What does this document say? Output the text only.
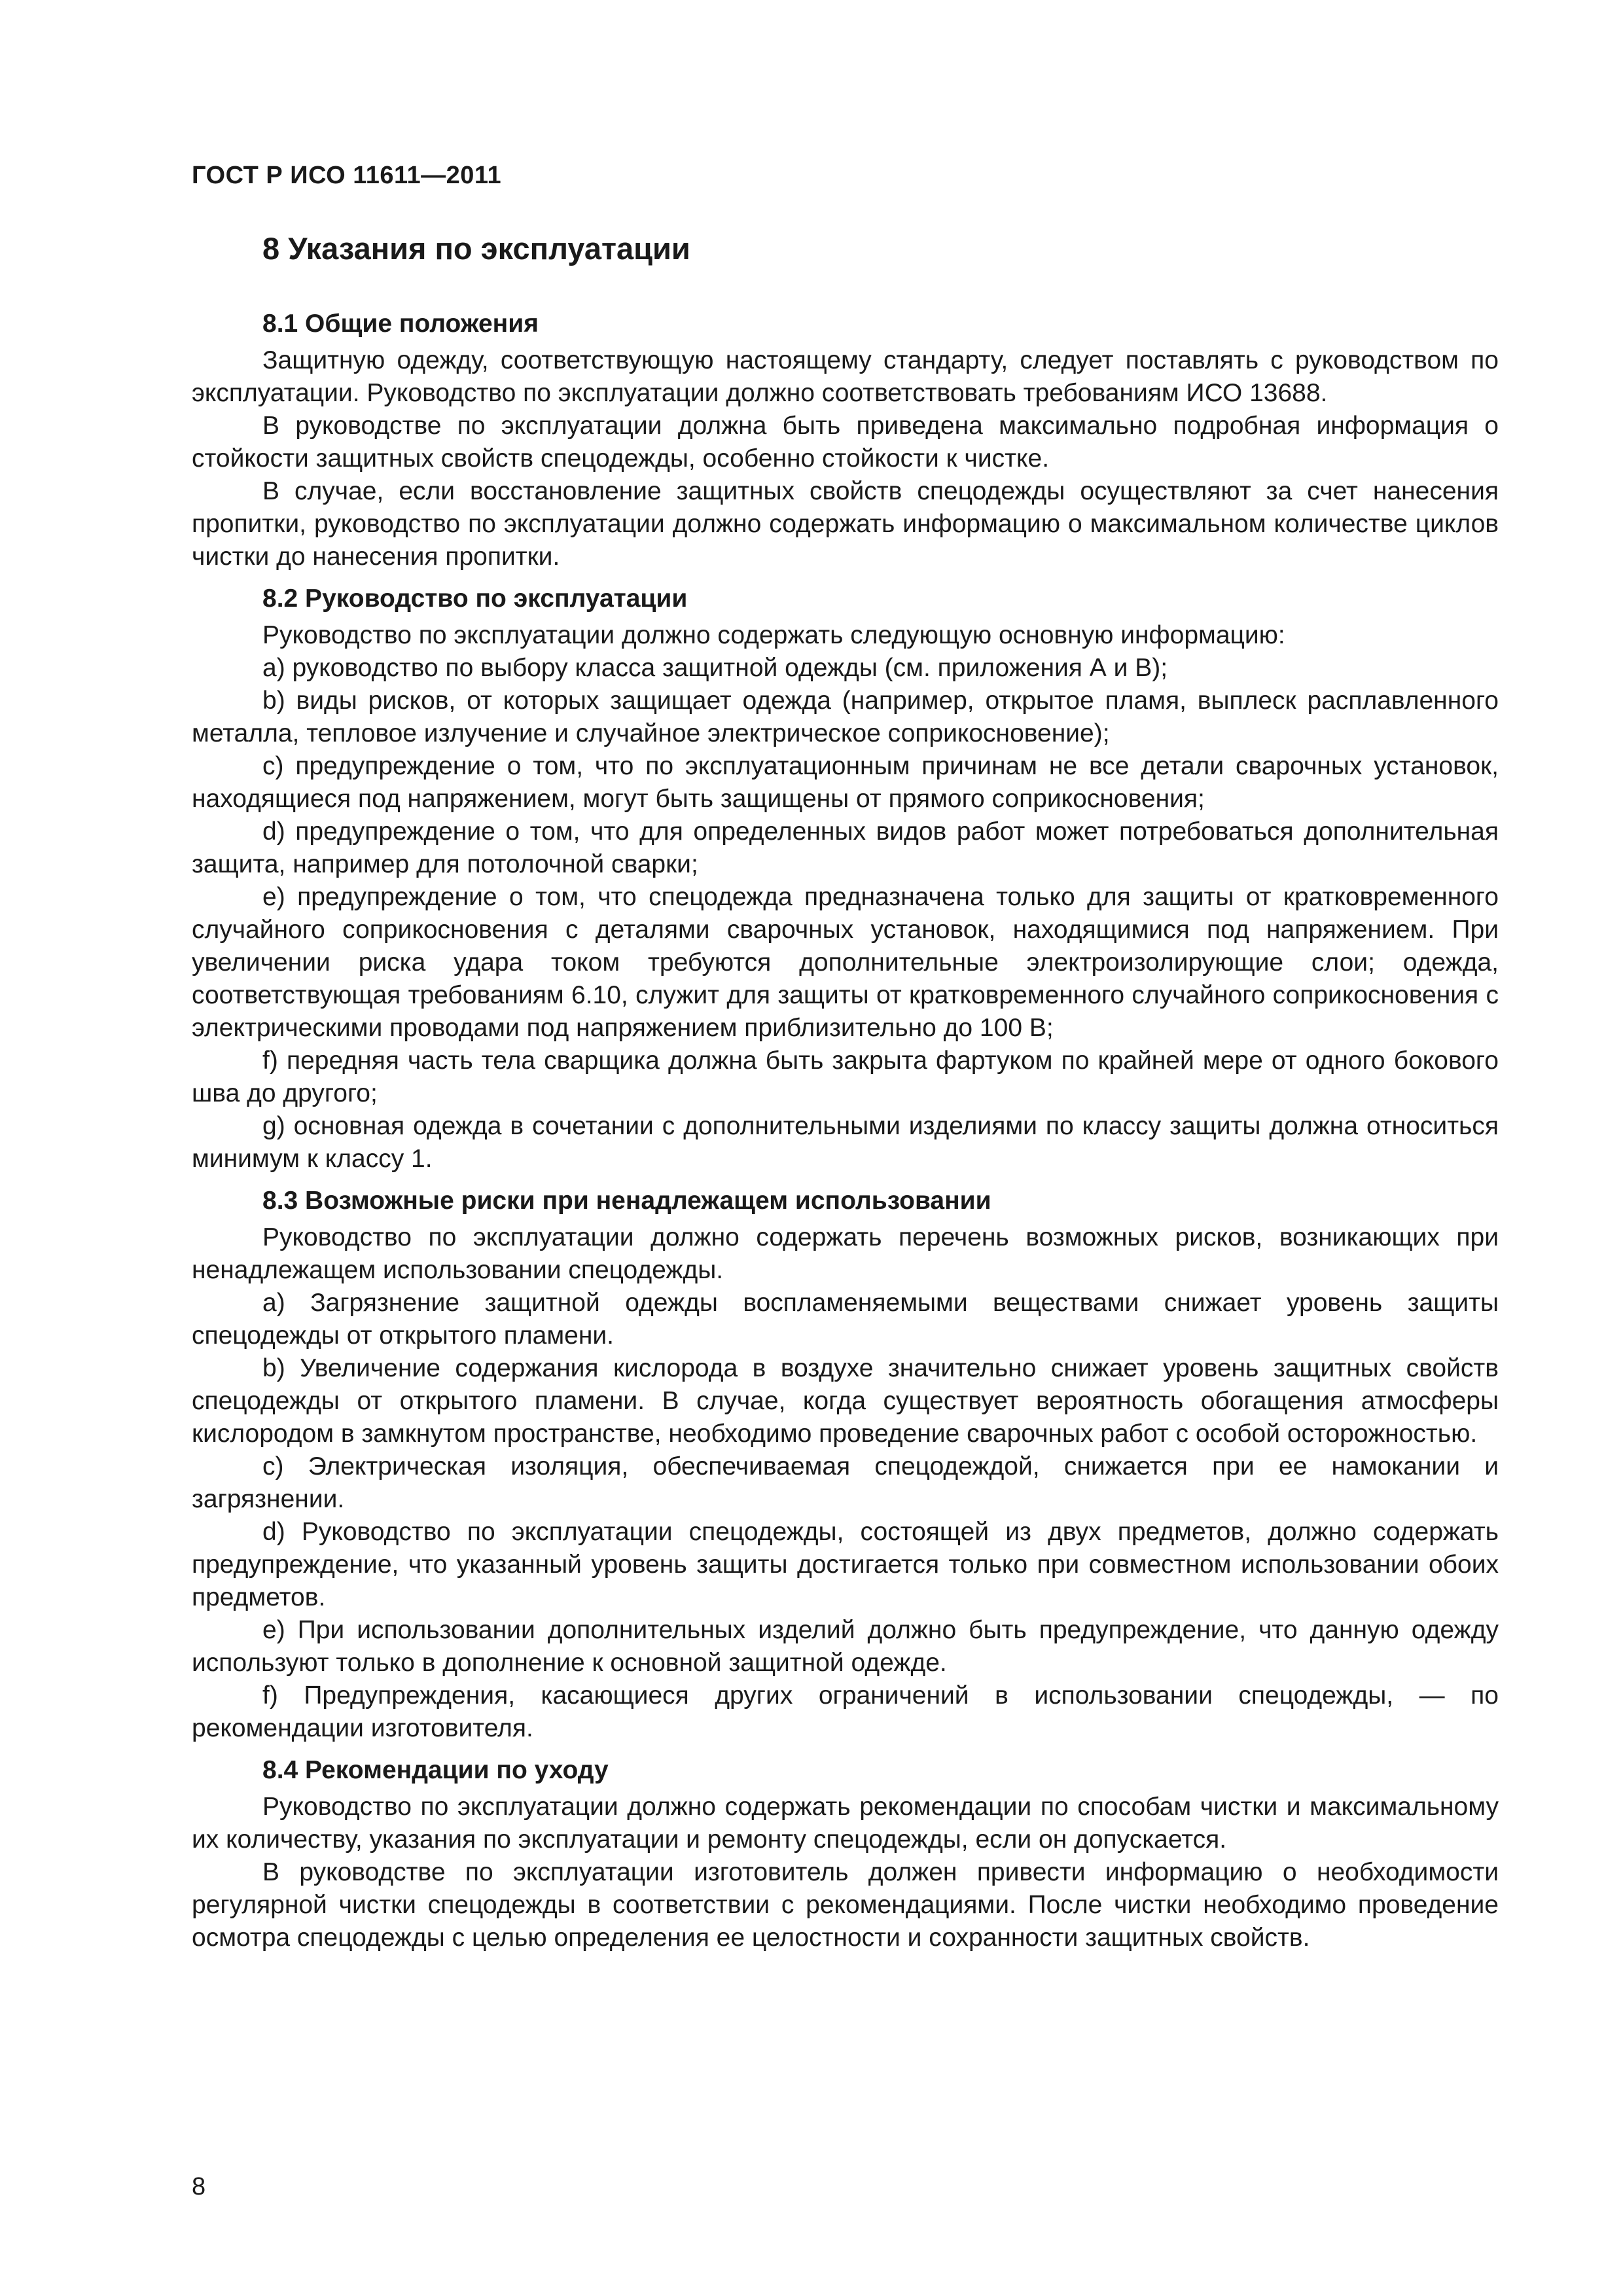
ГОСТ Р ИСО 11611—2011
8 Указания по эксплуатации
8.1 Общие положения

Защитную одежду, соответствующую настоящему стандарту, следует поставлять с руководством по эксплуатации. Руководство по эксплуатации должно соответствовать требованиям ИСО 13688.

В руководстве по эксплуатации должна быть приведена максимально подробная информация о стойкости защитных свойств спецодежды, особенно стойкости к чистке.

В случае, если восстановление защитных свойств спецодежды осуществляют за счет нанесения пропитки, руководство по эксплуатации должно содержать информацию о максимальном количестве циклов чистки до нанесения пропитки.

8.2 Руководство по эксплуатации

Руководство по эксплуатации должно содержать следующую основную информацию:

а) руководство по выбору класса защитной одежды (см. приложения А и В);

b) виды рисков, от которых защищает одежда (например, открытое пламя, выплеск расплавленного металла, тепловое излучение и случайное электрическое соприкосновение);

c) предупреждение о том, что по эксплуатационным причинам не все детали сварочных установок, находящиеся под напряжением, могут быть защищены от прямого соприкосновения;

d) предупреждение о том, что для определенных видов работ может потребоваться дополнительная защита, например для потолочной сварки;

е) предупреждение о том, что спецодежда предназначена только для защиты от кратковременного случайного соприкосновения с деталями сварочных установок, находящимися под напряжением. При увеличении риска удара током требуются дополнительные электроизолирующие слои; одежда, соответствующая требованиям 6.10, служит для защиты от кратковременного случайного соприкосновения с электрическими проводами под напряжением приблизительно до 100 В;

f) передняя часть тела сварщика должна быть закрыта фартуком по крайней мере от одного бокового шва до другого;

g) основная одежда в сочетании с дополнительными изделиями по классу защиты должна относиться минимум к классу 1.

8.3 Возможные риски при ненадлежащем использовании

Руководство по эксплуатации должно содержать перечень возможных рисков, возникающих при ненадлежащем использовании спецодежды.

а) Загрязнение защитной одежды воспламеняемыми веществами снижает уровень защиты спецодежды от открытого пламени.

b) Увеличение содержания кислорода в воздухе значительно снижает уровень защитных свойств спецодежды от открытого пламени. В случае, когда существует вероятность обогащения атмосферы кислородом в замкнутом пространстве, необходимо проведение сварочных работ с особой осторожностью.

c) Электрическая изоляция, обеспечиваемая спецодеждой, снижается при ее намокании и загрязнении.

d) Руководство по эксплуатации спецодежды, состоящей из двух предметов, должно содержать предупреждение, что указанный уровень защиты достигается только при совместном использовании обоих предметов.

е) При использовании дополнительных изделий должно быть предупреждение, что данную одежду используют только в дополнение к основной защитной одежде.

f) Предупреждения, касающиеся других ограничений в использовании спецодежды, — по рекомендации изготовителя.

8.4 Рекомендации по уходу

Руководство по эксплуатации должно содержать рекомендации по способам чистки и максимальному их количеству, указания по эксплуатации и ремонту спецодежды, если он допускается.

В руководстве по эксплуатации изготовитель должен привести информацию о необходимости регулярной чистки спецодежды в соответствии с рекомендациями. После чистки необходимо проведение осмотра спецодежды с целью определения ее целостности и сохранности защитных свойств.

8
